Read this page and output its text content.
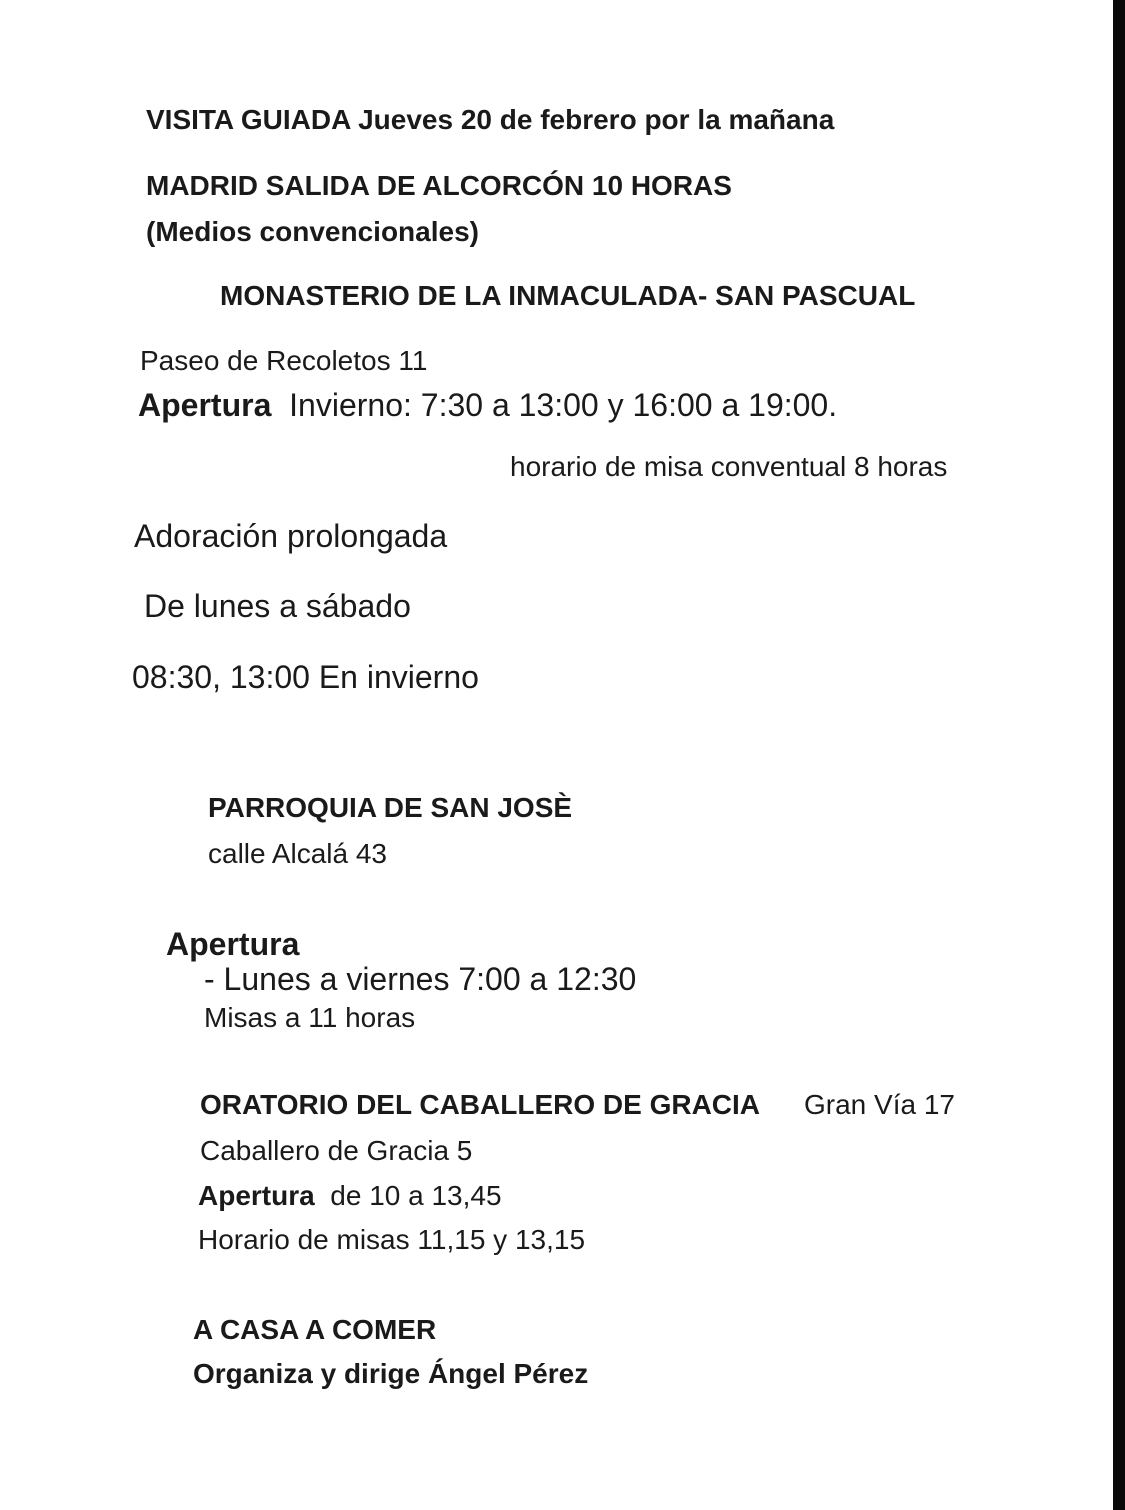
VISITA GUIADA Jueves 20 de febrero por la mañana
MADRID SALIDA DE ALCORCÓN 10 HORAS
(Medios convencionales)
MONASTERIO DE LA INMACULADA- SAN PASCUAL
Paseo de Recoletos 11
Apertura Invierno: 7:30 a 13:00 y 16:00 a 19:00.
horario de misa conventual 8 horas
Adoración prolongada
De lunes a sábado
08:30, 13:00 En invierno
PARROQUIA DE SAN JOSÈ
calle Alcalá 43
Apertura
- Lunes a viernes 7:00 a 12:30
Misas a 11 horas
ORATORIO DEL CABALLERO DE GRACIA Gran Vía 17
Caballero de Gracia 5
Apertura de 10 a 13,45
Horario de misas 11,15 y 13,15
A CASA A COMER
Organiza y dirige Ángel Pérez
